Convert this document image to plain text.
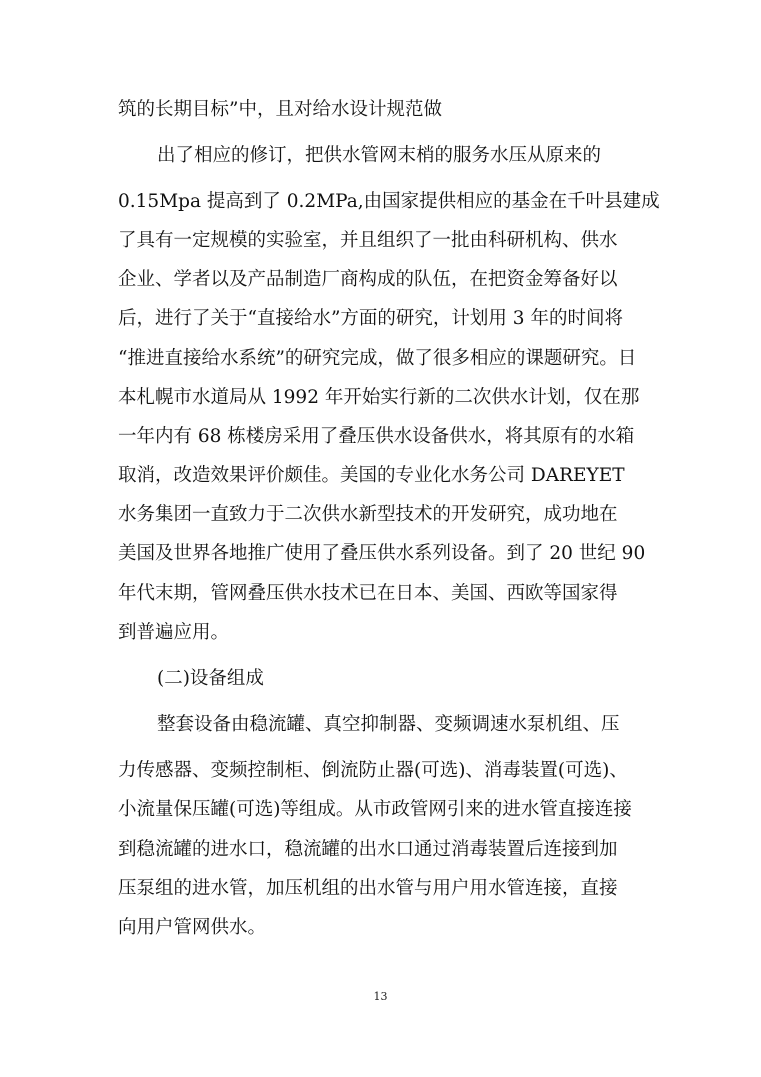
筑的长期目标”中，且对给水设计规范做
出了相应的修订，把供水管网末梢的服务水压从原来的
0.15Mpa 提高到了 0.2MPa,由国家提供相应的基金在千叶县建成
了具有一定规模的实验室，并且组织了一批由科研机构、供水
企业、学者以及产品制造厂商构成的队伍，在把资金筹备好以
后，进行了关于“直接给水”方面的研究，计划用 3 年的时间将
“推进直接给水系统”的研究完成，做了很多相应的课题研究。日
本札幌市水道局从 1992 年开始实行新的二次供水计划，仅在那
一年内有 68 栋楼房采用了叠压供水设备供水，将其原有的水箱
取消，改造效果评价颇佳。美国的专业化水务公司 DAREYET
水务集团一直致力于二次供水新型技术的开发研究，成功地在
美国及世界各地推广使用了叠压供水系列设备。到了 20 世纪 90
年代末期，管网叠压供水技术已在日本、美国、西欧等国家得
到普遍应用。
(二)设备组成
整套设备由稳流罐、真空抑制器、变频调速水泵机组、压
力传感器、变频控制柜、倒流防止器(可选)、消毒装置(可选)、
小流量保压罐(可选)等组成。从市政管网引来的进水管直接连接
到稳流罐的进水口，稳流罐的出水口通过消毒装置后连接到加
压泵组的进水管，加压机组的出水管与用户用水管连接，直接
向用户管网供水。
13
